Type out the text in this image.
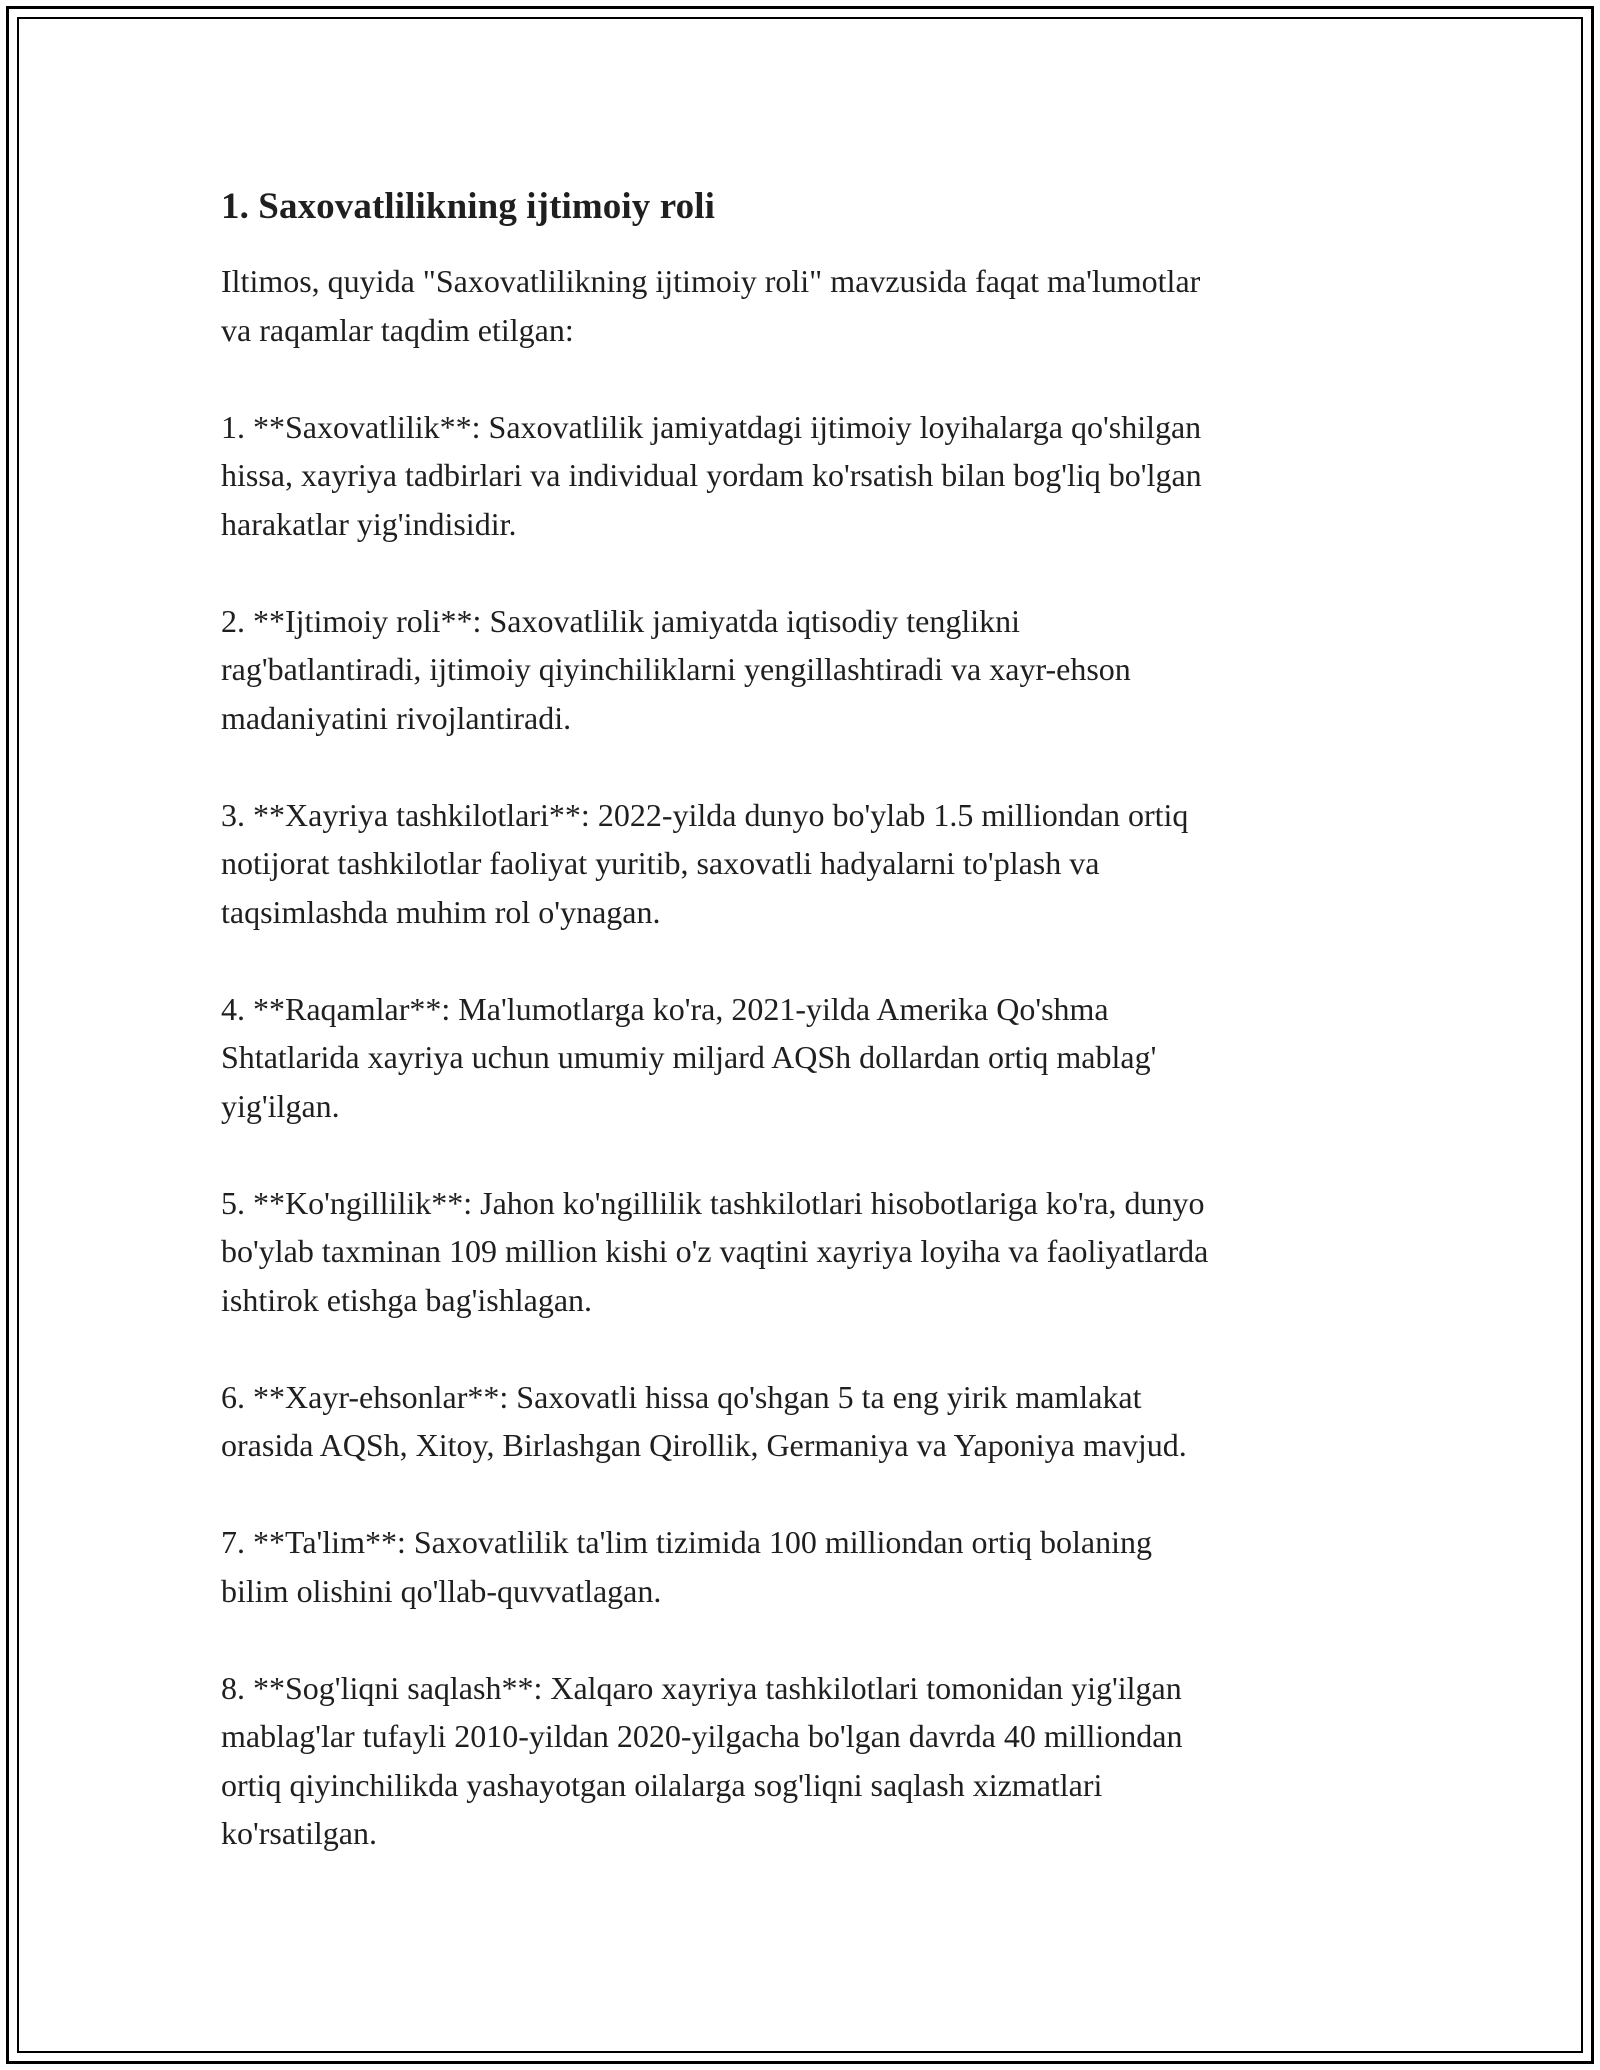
1. Saxovatlilikning ijtimoiy roli

Iltimos, quyida "Saxovatlilikning ijtimoiy roli" mavzusida faqat ma'lumotlar
va raqamlar taqdim etilgan:

1. **Saxovatlilik**: Saxovatlilik jamiyatdagi ijtimoiy loyihalarga qo'shilgan
hissa, xayriya tadbirlari va individual yordam ko'rsatish bilan bog'liq bo'lgan
harakatlar yig'indisidir.

2. **Ijtimoiy roli**: Saxovatlilik jamiyatda iqtisodiy tenglikni
rag'batlantiradi, ijtimoiy qiyinchiliklarni yengillashtiradi va xayr-ehson
madaniyatini rivojlantiradi.

3. **Xayriya tashkilotlari**: 2022-yilda dunyo bo'ylab 1.5 milliondan ortiq
notijorat tashkilotlar faoliyat yuritib, saxovatli hadyalarni to'plash va
taqsimlashda muhim rol o'ynagan.

4. **Raqamlar**: Ma'lumotlarga ko'ra, 2021-yilda Amerika Qo'shma
Shtatlarida xayriya uchun umumiy miljard AQSh dollardan ortiq mablag'
yig'ilgan.

5. **Ko'ngillilik**: Jahon ko'ngillilik tashkilotlari hisobotlariga ko'ra, dunyo
bo'ylab taxminan 109 million kishi o'z vaqtini xayriya loyiha va faoliyatlarda
ishtirok etishga bag'ishlagan.

6. **Xayr-ehsonlar**: Saxovatli hissa qo'shgan 5 ta eng yirik mamlakat
orasida AQSh, Xitoy, Birlashgan Qirollik, Germaniya va Yaponiya mavjud.

7. **Ta'lim**: Saxovatlilik ta'lim tizimida 100 milliondan ortiq bolaning
bilim olishini qo'llab-quvvatlagan.

8. **Sog'liqni saqlash**: Xalqaro xayriya tashkilotlari tomonidan yig'ilgan
mablag'lar tufayli 2010-yildan 2020-yilgacha bo'lgan davrda 40 milliondan
ortiq qiyinchilikda yashayotgan oilalarga sog'liqni saqlash xizmatlari
ko'rsatilgan.
